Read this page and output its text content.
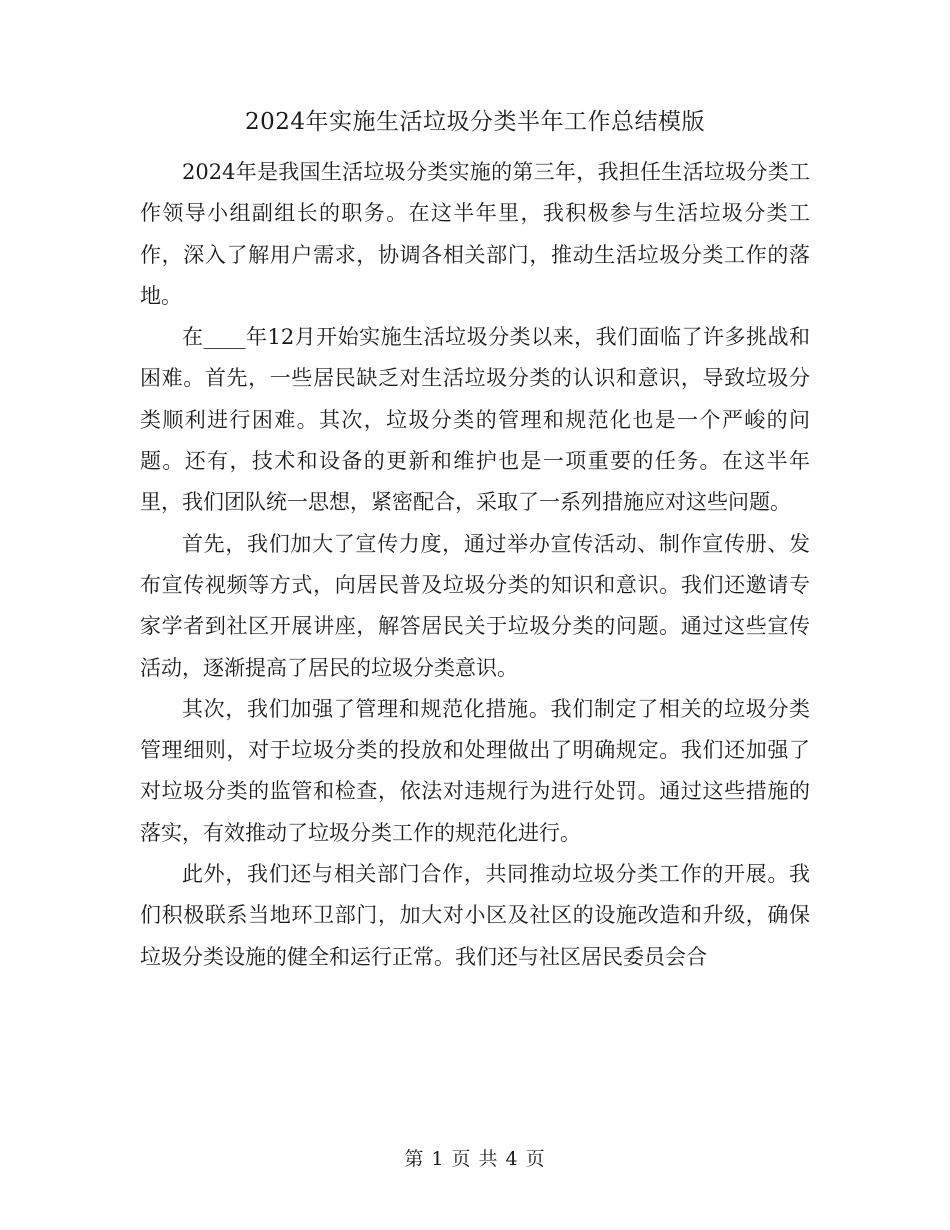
2024年实施生活垃圾分类半年工作总结模版

2024年是我国生活垃圾分类实施的第三年，我担任生活垃圾分类工作领导小组副组长的职务。在这半年里，我积极参与生活垃圾分类工作，深入了解用户需求，协调各相关部门，推动生活垃圾分类工作的落地。

在____年12月开始实施生活垃圾分类以来，我们面临了许多挑战和困难。首先，一些居民缺乏对生活垃圾分类的认识和意识，导致垃圾分类顺利进行困难。其次，垃圾分类的管理和规范化也是一个严峻的问题。还有，技术和设备的更新和维护也是一项重要的任务。在这半年里，我们团队统一思想，紧密配合，采取了一系列措施应对这些问题。

首先，我们加大了宣传力度，通过举办宣传活动、制作宣传册、发布宣传视频等方式，向居民普及垃圾分类的知识和意识。我们还邀请专家学者到社区开展讲座，解答居民关于垃圾分类的问题。通过这些宣传活动，逐渐提高了居民的垃圾分类意识。

其次，我们加强了管理和规范化措施。我们制定了相关的垃圾分类管理细则，对于垃圾分类的投放和处理做出了明确规定。我们还加强了对垃圾分类的监管和检查，依法对违规行为进行处罚。通过这些措施的落实，有效推动了垃圾分类工作的规范化进行。

此外，我们还与相关部门合作，共同推动垃圾分类工作的开展。我们积极联系当地环卫部门，加大对小区及社区的设施改造和升级，确保垃圾分类设施的健全和运行正常。我们还与社区居民委员会合

第 1 页 共 4 页
